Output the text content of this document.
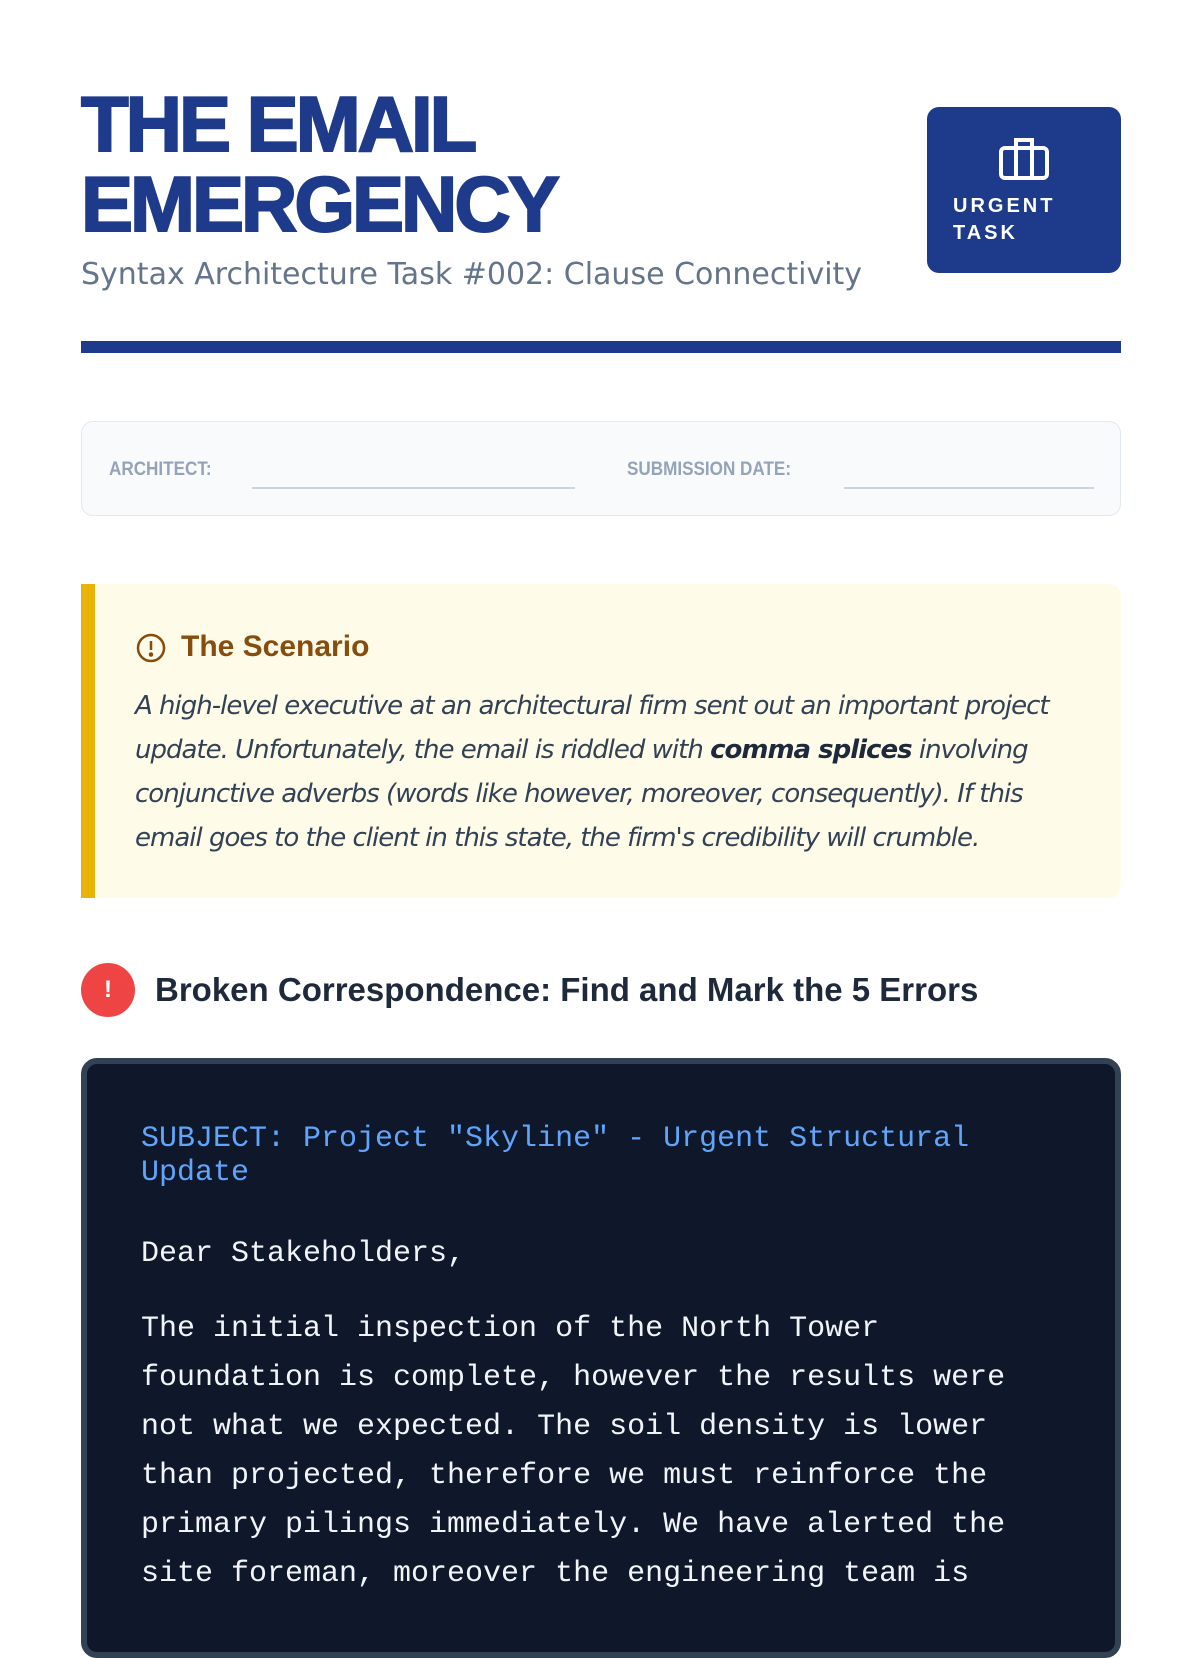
THE EMAIL
EMERGENCY
Syntax Architecture Task #002: Clause Connectivity
URGENT
TASK
ARCHITECT:	SUBMISSION DATE:
The Scenario

A high-level executive at an architectural firm sent out an important project update. Unfortunately, the email is riddled with comma splices involving conjunctive adverbs (words like however, moreover, consequently). If this email goes to the client in this state, the firm's credibility will crumble.

!	Broken Correspondence: Find and Mark the 5 Errors
SUBJECT: Project "Skyline" - Urgent Structural Update

Dear Stakeholders,

The initial inspection of the North Tower foundation is complete, however the results were not what we expected. The soil density is lower than projected, therefore we must reinforce the primary pilings immediately. We have alerted the site foreman, moreover the engineering team is
